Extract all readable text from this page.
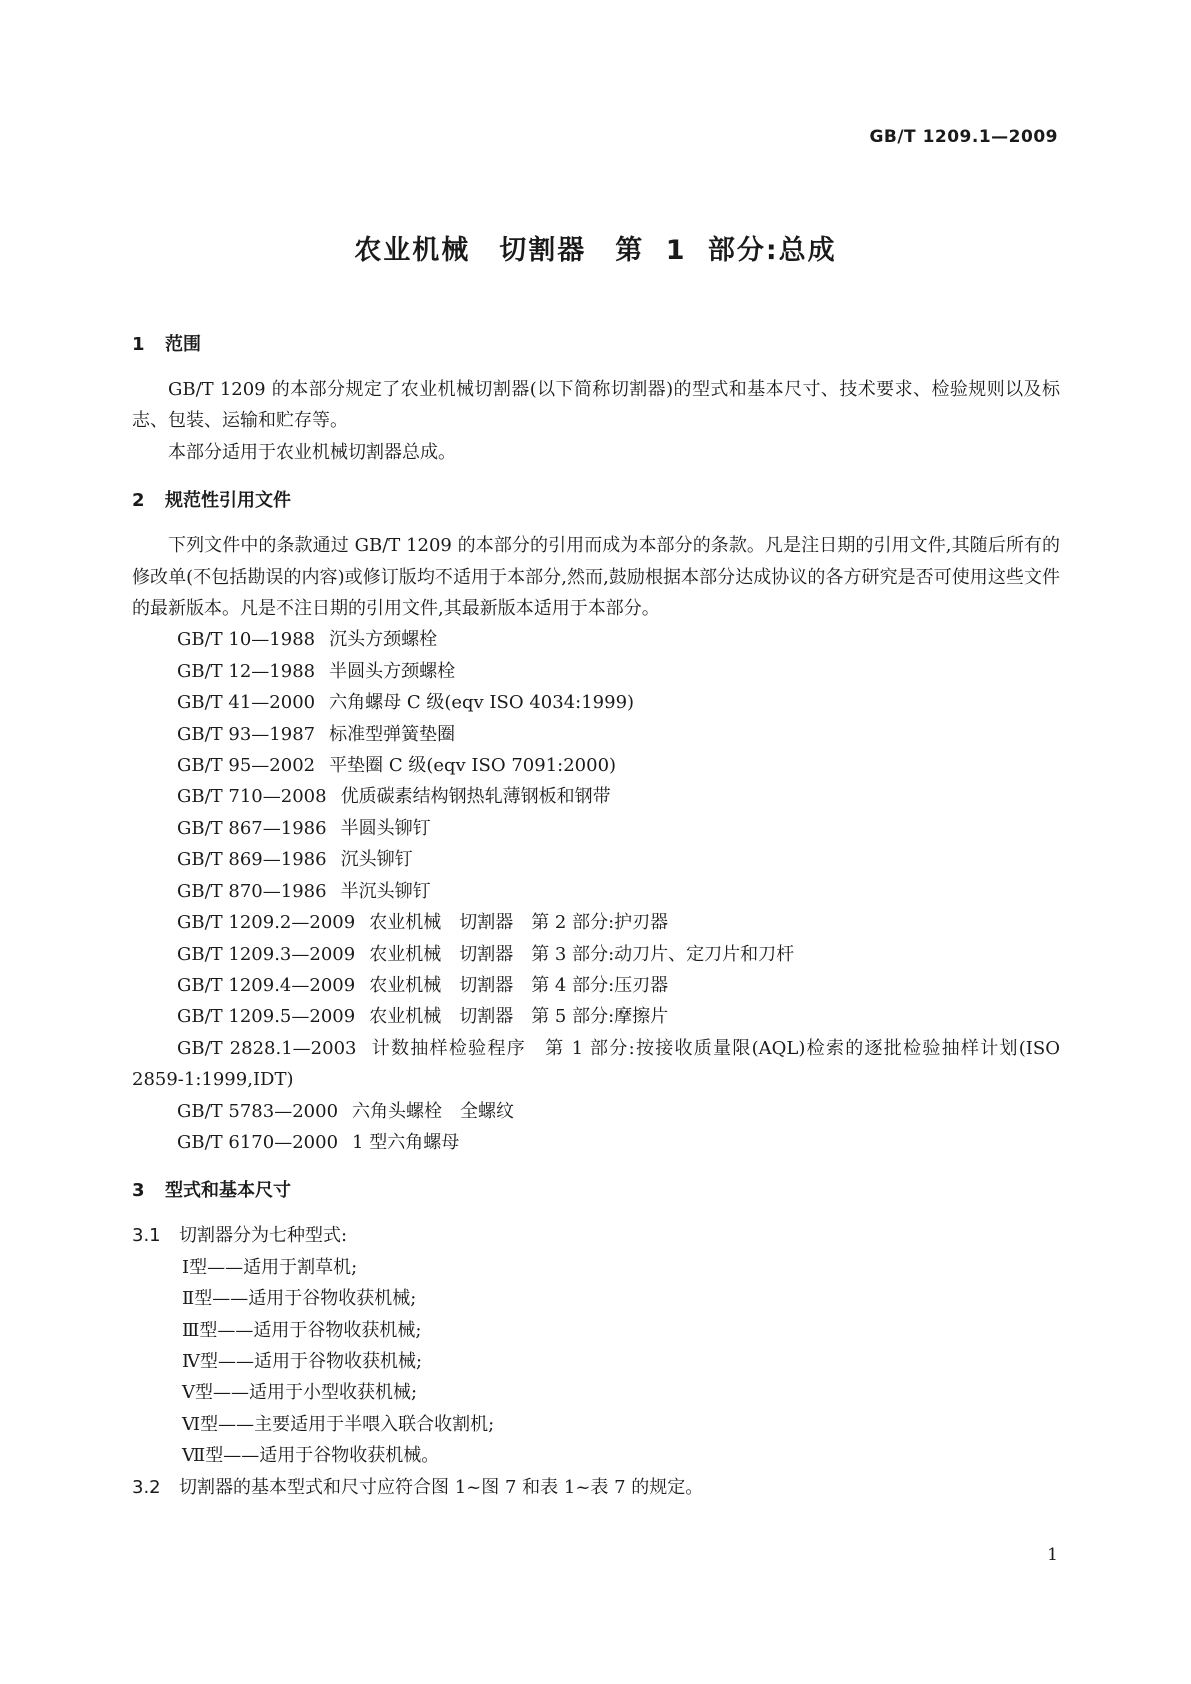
GB/T 1209.1—2009
农业机械　切割器　第 1 部分:总成
1 范围

GB/T 1209 的本部分规定了农业机械切割器(以下简称切割器)的型式和基本尺寸、技术要求、检验规则以及标志、包装、运输和贮存等。

本部分适用于农业机械切割器总成。

2 规范性引用文件

下列文件中的条款通过 GB/T 1209 的本部分的引用而成为本部分的条款。凡是注日期的引用文件,其随后所有的修改单(不包括勘误的内容)或修订版均不适用于本部分,然而,鼓励根据本部分达成协议的各方研究是否可使用这些文件的最新版本。凡是不注日期的引用文件,其最新版本适用于本部分。

GB/T 10—1988 沉头方颈螺栓

GB/T 12—1988 半圆头方颈螺栓

GB/T 41—2000 六角螺母 C 级(eqv ISO 4034:1999)

GB/T 93—1987 标准型弹簧垫圈

GB/T 95—2002 平垫圈 C 级(eqv ISO 7091:2000)

GB/T 710—2008 优质碳素结构钢热轧薄钢板和钢带

GB/T 867—1986 半圆头铆钉

GB/T 869—1986 沉头铆钉

GB/T 870—1986 半沉头铆钉

GB/T 1209.2—2009 农业机械　切割器　第 2 部分:护刃器

GB/T 1209.3—2009 农业机械　切割器　第 3 部分:动刀片、定刀片和刀杆

GB/T 1209.4—2009 农业机械　切割器　第 4 部分:压刃器

GB/T 1209.5—2009 农业机械　切割器　第 5 部分:摩擦片

GB/T 2828.1—2003 计数抽样检验程序　第 1 部分:按接收质量限(AQL)检索的逐批检验抽样计划(ISO 2859-1:1999,IDT)

GB/T 5783—2000 六角头螺栓　全螺纹

GB/T 6170—2000 1 型六角螺母

3 型式和基本尺寸

3.1 切割器分为七种型式:

Ⅰ型——适用于割草机;
Ⅱ型——适用于谷物收获机械;
Ⅲ型——适用于谷物收获机械;
Ⅳ型——适用于谷物收获机械;
Ⅴ型——适用于小型收获机械;
Ⅵ型——主要适用于半喂入联合收割机;
Ⅶ型——适用于谷物收获机械。

3.2 切割器的基本型式和尺寸应符合图 1~图 7 和表 1~表 7 的规定。

1
